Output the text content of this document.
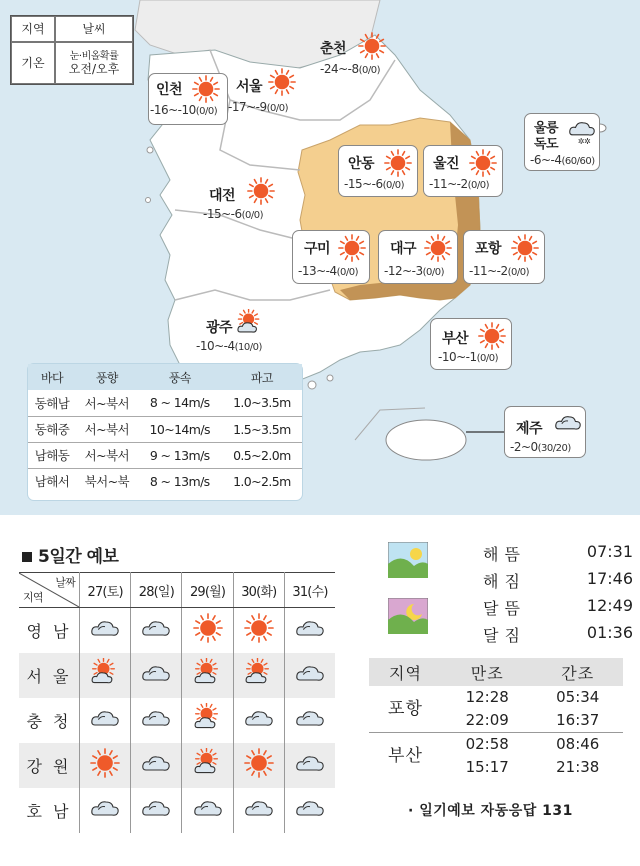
지역	날씨
기온	눈·비올확률
오전/오후
춘천
-24~-8(0/0)
인천
-16~-10(0/0)
서울
-17~-9(0/0)
대전
-15~-6(0/0)
광주
-10~-4(10/0)
안동
-15~-6(0/0)
울진
-11~-2(0/0)
구미
-13~-4(0/0)
대구
-12~-3(0/0)
포항
-11~-2(0/0)
부산
-10~-1(0/0)
울릉
독도 ✲✲
-6~-4(60/60)
제주
-2~0(30/20)
바다	풍향	풍속	파고
동해남	서~북서	8 ~ 14m/s	1.0~3.5m
동해중	서~북서	10~14m/s	1.5~3.5m
남해동	서~북서	9 ~ 13m/s	0.5~2.0m
남해서	북서~북	8 ~ 13m/s	1.0~2.5m
5일간 예보
날짜
지역	27(토)	28(일)	29(월)	30(화)	31(수)
영 남					
서 울					
충 청					
강 원					
호 남					
해뜸	07:31
해짐	17:46
달뜸	12:49
달짐	01:36
지역	만조	간조
포항	12:28	05:34
	22:09	16:37
부산	02:58	08:46
	15:17	21:38
· 일기예보 자동응답 131
